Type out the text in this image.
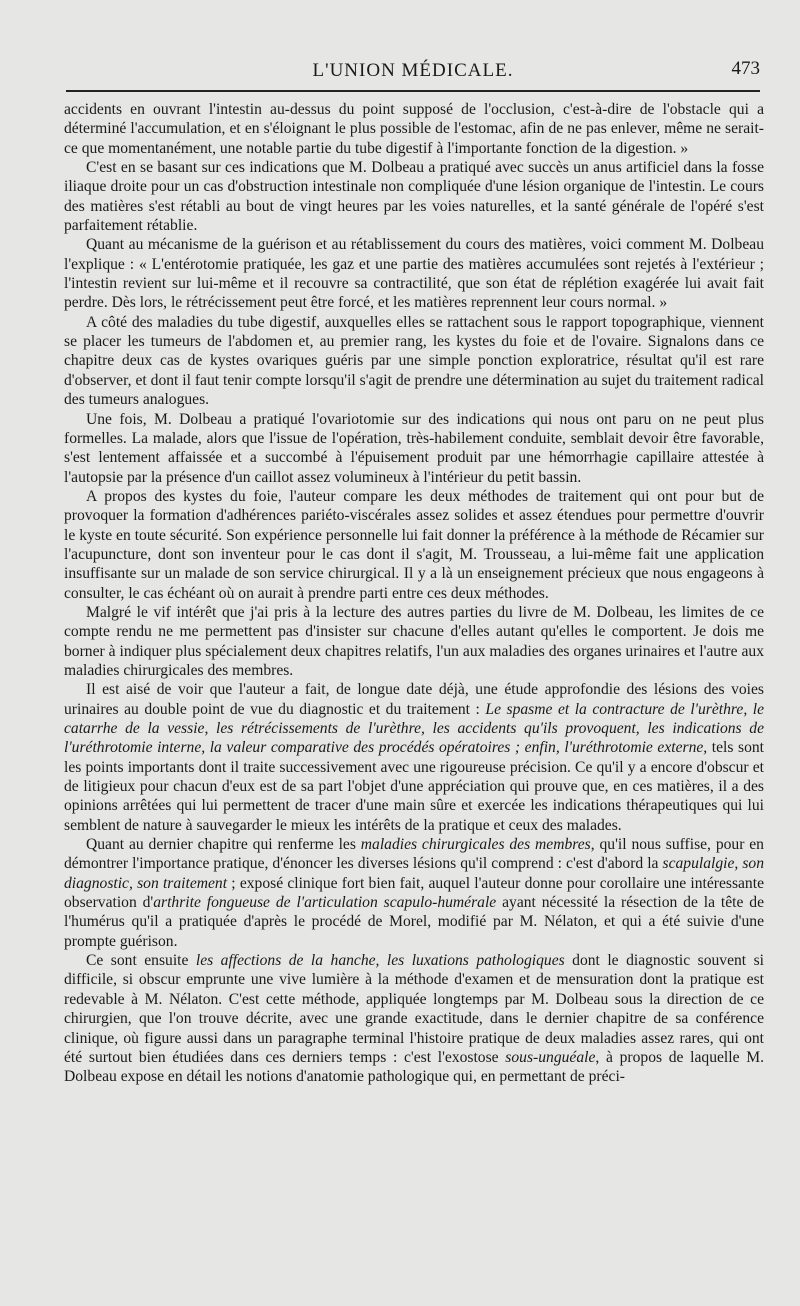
L'UNION MÉDICALE.	473

accidents en ouvrant l'intestin au-dessus du point supposé de l'occlusion, c'est-à-dire de l'obstacle qui a déterminé l'accumulation, et en s'éloignant le plus possible de l'estomac, afin de ne pas enlever, même ne serait-ce que momentanément, une notable partie du tube digestif à l'importante fonction de la digestion. »

C'est en se basant sur ces indications que M. Dolbeau a pratiqué avec succès un anus artificiel dans la fosse iliaque droite pour un cas d'obstruction intestinale non compliquée d'une lésion organique de l'intestin. Le cours des matières s'est rétabli au bout de vingt heures par les voies naturelles, et la santé générale de l'opéré s'est parfaitement rétablie.

Quant au mécanisme de la guérison et au rétablissement du cours des matières, voici comment M. Dolbeau l'explique : « L'entérotomie pratiquée, les gaz et une partie des matières accumulées sont rejetés à l'extérieur ; l'intestin revient sur lui-même et il recouvre sa contractilité, que son état de réplétion exagérée lui avait fait perdre. Dès lors, le rétrécissement peut être forcé, et les matières reprennent leur cours normal. »

A côté des maladies du tube digestif, auxquelles elles se rattachent sous le rapport topographique, viennent se placer les tumeurs de l'abdomen et, au premier rang, les kystes du foie et de l'ovaire. Signalons dans ce chapitre deux cas de kystes ovariques guéris par une simple ponction exploratrice, résultat qu'il est rare d'observer, et dont il faut tenir compte lorsqu'il s'agit de prendre une détermination au sujet du traitement radical des tumeurs analogues.

Une fois, M. Dolbeau a pratiqué l'ovariotomie sur des indications qui nous ont paru on ne peut plus formelles. La malade, alors que l'issue de l'opération, très-habilement conduite, semblait devoir être favorable, s'est lentement affaissée et a succombé à l'épuisement produit par une hémorrhagie capillaire attestée à l'autopsie par la présence d'un caillot assez volumineux à l'intérieur du petit bassin.

A propos des kystes du foie, l'auteur compare les deux méthodes de traitement qui ont pour but de provoquer la formation d'adhérences pariéto-viscérales assez solides et assez étendues pour permettre d'ouvrir le kyste en toute sécurité. Son expérience personnelle lui fait donner la préférence à la méthode de Récamier sur l'acupuncture, dont son inventeur pour le cas dont il s'agit, M. Trousseau, a lui-même fait une application insuffisante sur un malade de son service chirurgical. Il y a là un enseignement précieux que nous engageons à consulter, le cas échéant où on aurait à prendre parti entre ces deux méthodes.

Malgré le vif intérêt que j'ai pris à la lecture des autres parties du livre de M. Dolbeau, les limites de ce compte rendu ne me permettent pas d'insister sur chacune d'elles autant qu'elles le comportent. Je dois me borner à indiquer plus spécialement deux chapitres relatifs, l'un aux maladies des organes urinaires et l'autre aux maladies chirurgicales des membres.

Il est aisé de voir que l'auteur a fait, de longue date déjà, une étude approfondie des lésions des voies urinaires au double point de vue du diagnostic et du traitement : Le spasme et la contracture de l'urèthre, le catarrhe de la vessie, les rétrécissements de l'urèthre, les accidents qu'ils provoquent, les indications de l'uréthrotomie interne, la valeur comparative des procédés opératoires ; enfin, l'uréthrotomie externe, tels sont les points importants dont il traite successivement avec une rigoureuse précision. Ce qu'il y a encore d'obscur et de litigieux pour chacun d'eux est de sa part l'objet d'une appréciation qui prouve que, en ces matières, il a des opinions arrêtées qui lui permettent de tracer d'une main sûre et exercée les indications thérapeutiques qui lui semblent de nature à sauvegarder le mieux les intérêts de la pratique et ceux des malades.

Quant au dernier chapitre qui renferme les maladies chirurgicales des membres, qu'il nous suffise, pour en démontrer l'importance pratique, d'énoncer les diverses lésions qu'il comprend : c'est d'abord la scapulalgie, son diagnostic, son traitement ; exposé clinique fort bien fait, auquel l'auteur donne pour corollaire une intéressante observation d'arthrite fongueuse de l'articulation scapulo-humérale ayant nécessité la résection de la tête de l'humérus qu'il a pratiquée d'après le procédé de Morel, modifié par M. Nélaton, et qui a été suivie d'une prompte guérison.

Ce sont ensuite les affections de la hanche, les luxations pathologiques dont le diagnostic souvent si difficile, si obscur emprunte une vive lumière à la méthode d'examen et de mensuration dont la pratique est redevable à M. Nélaton. C'est cette méthode, appliquée longtemps par M. Dolbeau sous la direction de ce chirurgien, que l'on trouve décrite, avec une grande exactitude, dans le dernier chapitre de sa conférence clinique, où figure aussi dans un paragraphe terminal l'histoire pratique de deux maladies assez rares, qui ont été surtout bien étudiées dans ces derniers temps : c'est l'exostose sous-unguéale, à propos de laquelle M. Dolbeau expose en détail les notions d'anatomie pathologique qui, en permettant de préci-
